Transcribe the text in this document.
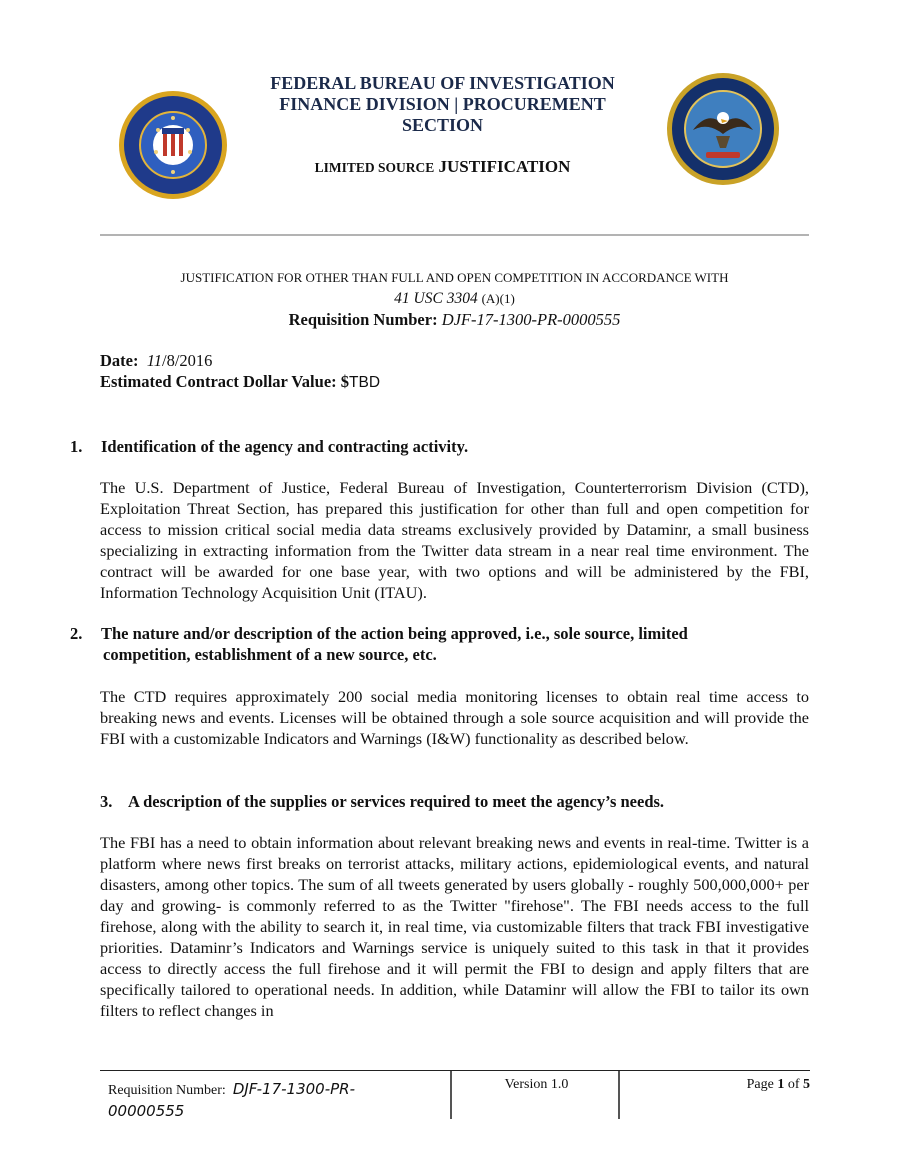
FEDERAL BUREAU OF INVESTIGATION
FINANCE DIVISION | PROCUREMENT
SECTION
LIMITED SOURCE JUSTIFICATION
JUSTIFICATION FOR OTHER THAN FULL AND OPEN COMPETITION IN ACCORDANCE WITH
41 USC 3304 (A)(1)
Requisition Number: DJF-17-1300-PR-0000555
Date: 11/8/2016
Estimated Contract Dollar Value: $TBD
1. Identification of the agency and contracting activity.

The U.S. Department of Justice, Federal Bureau of Investigation, Counterterrorism Division (CTD), Exploitation Threat Section, has prepared this justification for other than full and open competition for access to mission critical social media data streams exclusively provided by Dataminr, a small business specializing in extracting information from the Twitter data stream in a near real time environment. The contract will be awarded for one base year, with two options and will be administered by the FBI, Information Technology Acquisition Unit (ITAU).

2. The nature and/or description of the action being approved, i.e., sole source, limited
competition, establishment of a new source, etc.

The CTD requires approximately 200 social media monitoring licenses to obtain real time access to breaking news and events. Licenses will be obtained through a sole source acquisition and will provide the FBI with a customizable Indicators and Warnings (I&W) functionality as described below.

3. A description of the supplies or services required to meet the agency’s needs.

The FBI has a need to obtain information about relevant breaking news and events in real-time. Twitter is a platform where news first breaks on terrorist attacks, military actions, epidemiological events, and natural disasters, among other topics. The sum of all tweets generated by users globally - roughly 500,000,000+ per day and growing- is commonly referred to as the Twitter "firehose". The FBI needs access to the full firehose, along with the ability to search it, in real time, via customizable filters that track FBI investigative priorities. Dataminr’s Indicators and Warnings service is uniquely suited to this task in that it provides access to directly access the full firehose and it will permit the FBI to design and apply filters that are specifically tailored to operational needs. In addition, while Dataminr will allow the FBI to tailor its own filters to reflect changes in

Requisition Number: DJF-17-1300-PR-
00000555
Version 1.0	Page 1 of 5
